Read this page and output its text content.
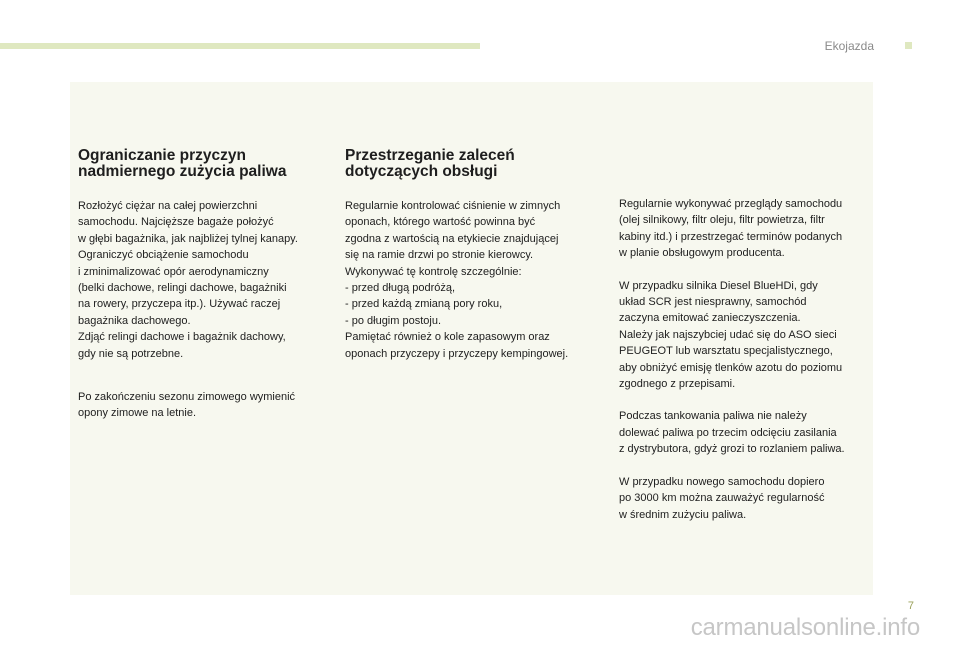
Ekojazda
Ograniczanie przyczyn
nadmiernego zużycia paliwa

Rozłożyć ciężar na całej powierzchni
samochodu. Najcięższe bagaże położyć
w głębi bagażnika, jak najbliżej tylnej kanapy.
Ograniczyć obciążenie samochodu
i zminimalizować opór aerodynamiczny
(belki dachowe, relingi dachowe, bagażniki
na rowery, przyczepa itp.). Używać raczej
bagażnika dachowego.
Zdjąć relingi dachowe i bagażnik dachowy,
gdy nie są potrzebne.

Po zakończeniu sezonu zimowego wymienić
opony zimowe na letnie.

Przestrzeganie zaleceń
dotyczących obsługi

Regularnie kontrolować ciśnienie w zimnych
oponach, którego wartość powinna być
zgodna z wartością na etykiecie znajdującej
się na ramie drzwi po stronie kierowcy.
Wykonywać tę kontrolę szczególnie:
- przed długą podróżą,
- przed każdą zmianą pory roku,
- po długim postoju.
Pamiętać również o kole zapasowym oraz
oponach przyczepy i przyczepy kempingowej.

Regularnie wykonywać przeglądy samochodu
(olej silnikowy, filtr oleju, filtr powietrza, filtr
kabiny itd.) i przestrzegać terminów podanych
w planie obsługowym producenta.

W przypadku silnika Diesel BlueHDi, gdy
układ SCR jest niesprawny, samochód
zaczyna emitować zanieczyszczenia.
Należy jak najszybciej udać się do ASO sieci
PEUGEOT lub warsztatu specjalistycznego,
aby obniżyć emisję tlenków azotu do poziomu
zgodnego z przepisami.

Podczas tankowania paliwa nie należy
dolewać paliwa po trzecim odcięciu zasilania
z dystrybutora, gdyż grozi to rozlaniem paliwa.

W przypadku nowego samochodu dopiero
po 3000 km można zauważyć regularność
w średnim zużyciu paliwa.

7
carmanualsonline.info
